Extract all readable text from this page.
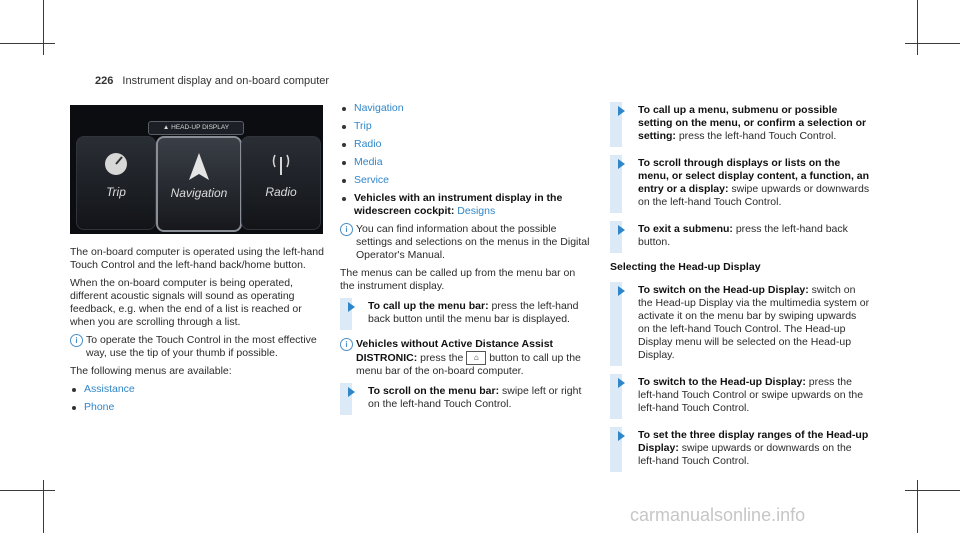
226 Instrument display and on-board computer
▲ HEAD-UP DISPLAY
Trip	Navigation	Radio

The on-board computer is operated using the left-hand Touch Control and the left-hand back/home button.

When the on-board computer is being operated, different acoustic signals will sound as operating feedback, e.g. when the end of a list is reached or when you are scrolling through a list.

i To operate the Touch Control in the most effective way, use the tip of your thumb if possible.

The following menus are available:

Assistance
Phone
Navigation
Trip
Radio
Media
Service
Vehicles with an instrument display in the widescreen cockpit: Designs
i You can find information about the possible settings and selections on the menus in the Digital Operator's Manual.

The menus can be called up from the menu bar on the instrument display.

To call up the menu bar: press the left-hand back button until the menu bar is displayed.
i Vehicles without Active Distance Assist DISTRONIC: press the ⌂ button to call up the menu bar of the on-board computer.
To scroll on the menu bar: swipe left or right on the left-hand Touch Control.
To call up a menu, submenu or possible setting on the menu, or confirm a selection or setting: press the left-hand Touch Control.
To scroll through displays or lists on the menu, or select display content, a function, an entry or a display: swipe upwards or downwards on the left-hand Touch Control.
To exit a submenu: press the left-hand back button.
Selecting the Head-up Display
To switch on the Head-up Display: switch on the Head-up Display via the multimedia system or activate it on the menu bar by swiping upwards on the left-hand Touch Control. The Head-up Display menu will be selected on the Head-up Display.
To switch to the Head-up Display: press the left-hand Touch Control or swipe upwards on the left-hand Touch Control.
To set the three display ranges of the Head-up Display: swipe upwards or downwards on the left-hand Touch Control.
carmanualsonline.info
